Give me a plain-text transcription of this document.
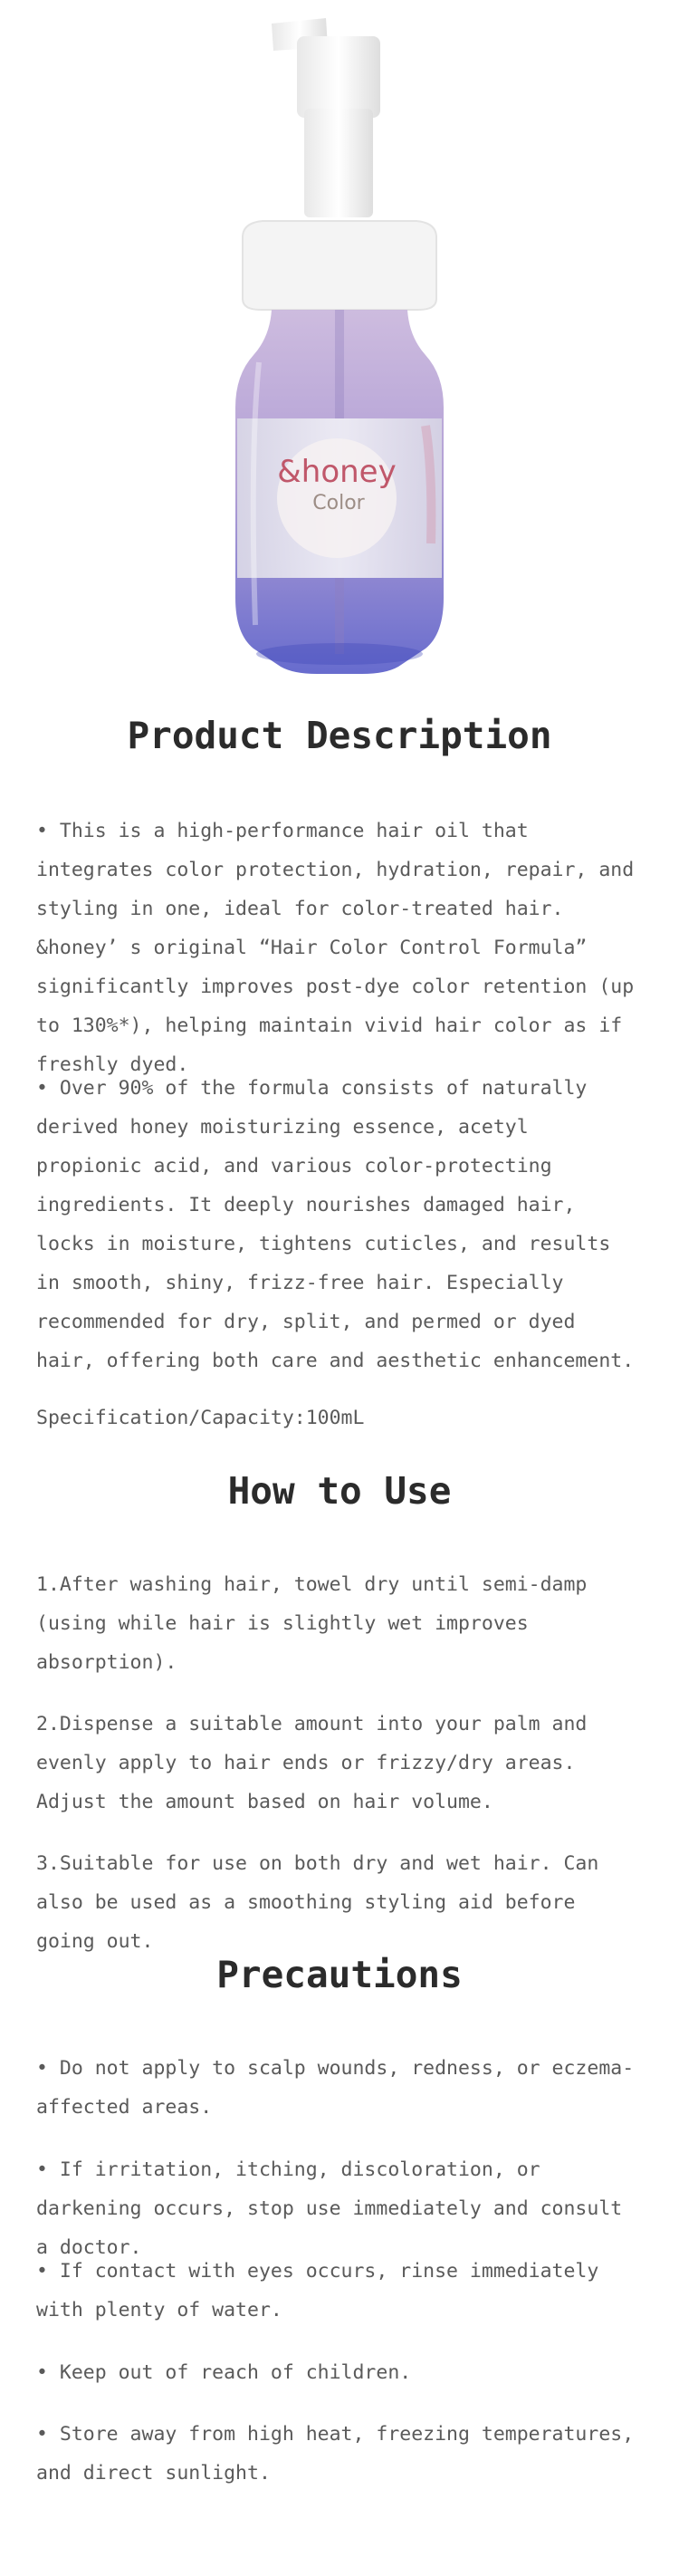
&honey
Color
Product Description

• This is a high-performance hair oil that integrates color protection, hydration, repair, and styling in one, ideal for color-treated hair. &honey’ s original “Hair Color Control Formula” significantly improves post-dye color retention (up to 130%*), helping maintain vivid hair color as if freshly dyed.

• Over 90% of the formula consists of naturally derived honey moisturizing essence, acetyl propionic acid, and various color-protecting ingredients. It deeply nourishes damaged hair, locks in moisture, tightens cuticles, and results in smooth, shiny, frizz-free hair. Especially recommended for dry, split, and permed or dyed hair, offering both care and aesthetic enhancement.

Specification/Capacity:100mL

How to Use

1.After washing hair, towel dry until semi-damp (using while hair is slightly wet improves absorption).

2.Dispense a suitable amount into your palm and evenly apply to hair ends or frizzy/dry areas. Adjust the amount based on hair volume.

3.Suitable for use on both dry and wet hair. Can also be used as a smoothing styling aid before going out.

Precautions

• Do not apply to scalp wounds, redness, or eczema-affected areas.

• If irritation, itching, discoloration, or darkening occurs, stop use immediately and consult a doctor.

• If contact with eyes occurs, rinse immediately with plenty of water.

• Keep out of reach of children.

• Store away from high heat, freezing temperatures, and direct sunlight.
